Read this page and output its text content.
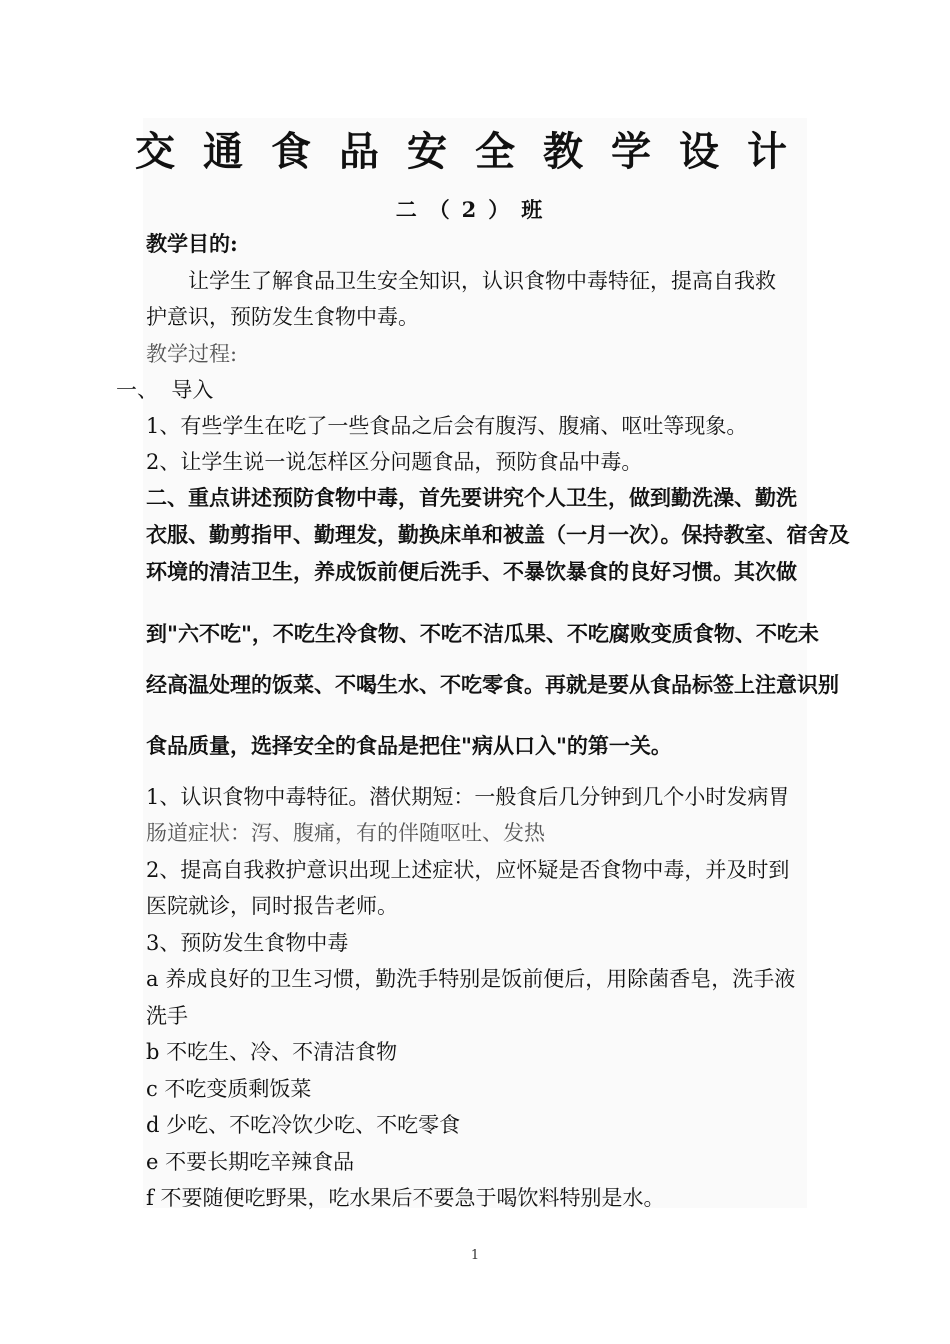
交通食品安全教学设计
二（2）班
教学目的:
让学生了解食品卫生安全知识，认识食物中毒特征，提高自我救
护意识，预防发生食物中毒。
教学过程:
一、  导入
1、有些学生在吃了一些食品之后会有腹泻、腹痛、呕吐等现象。
2、让学生说一说怎样区分问题食品，预防食品中毒。
二、重点讲述预防食物中毒，首先要讲究个人卫生，做到勤洗澡、勤洗
衣服、勤剪指甲、勤理发，勤换床单和被盖（一月一次）。保持教室、宿舍及
环境的清洁卫生，养成饭前便后洗手、不暴饮暴食的良好习惯。其次做
到"六不吃"，不吃生冷食物、不吃不洁瓜果、不吃腐败变质食物、不吃未
经高温处理的饭菜、不喝生水、不吃零食。再就是要从食品标签上注意识别
食品质量，选择安全的食品是把住"病从口入"的第一关。
1、认识食物中毒特征。潜伏期短：一般食后几分钟到几个小时发病胃
肠道症状：泻、腹痛，有的伴随呕吐、发热
2、提高自我救护意识出现上述症状，应怀疑是否食物中毒，并及时到
医院就诊，同时报告老师。
3、预防发生食物中毒
a 养成良好的卫生习惯，勤洗手特别是饭前便后，用除菌香皂，洗手液
洗手
b 不吃生、冷、不清洁食物
c 不吃变质剩饭菜
d 少吃、不吃冷饮少吃、不吃零食
e 不要长期吃辛辣食品
f 不要随便吃野果，吃水果后不要急于喝饮料特别是水。
1
